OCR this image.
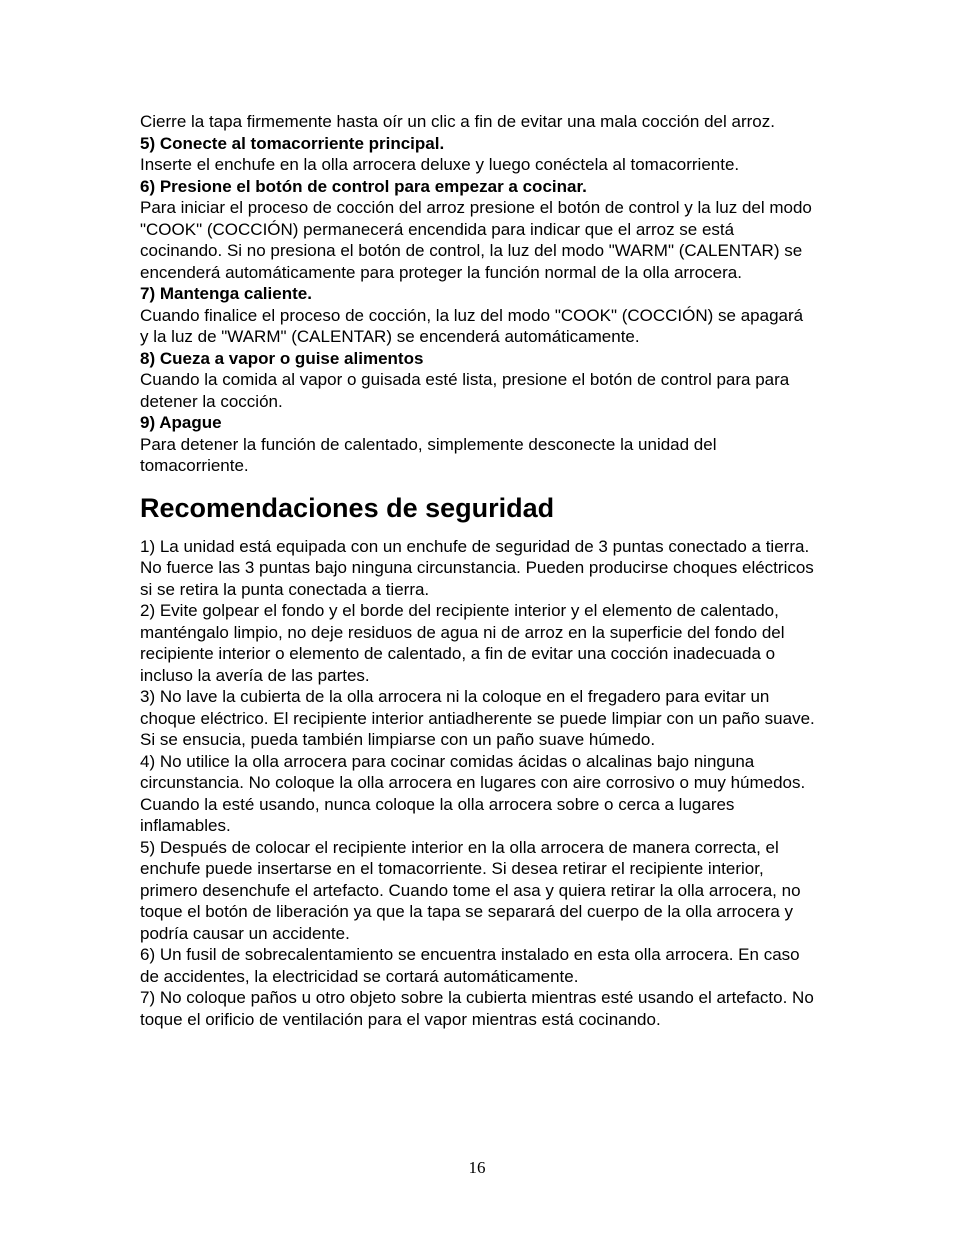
Cierre la tapa firmemente hasta oír un clic a fin de evitar una mala cocción del arroz.

5) Conecte al tomacorriente principal.

Inserte el enchufe en la olla arrocera deluxe y luego conéctela al tomacorriente.

6) Presione el botón de control para empezar a cocinar.

Para iniciar el proceso de cocción del arroz presione el botón de control y la luz del modo "COOK" (COCCIÓN) permanecerá encendida para indicar que el arroz se está cocinando. Si no presiona el botón de control, la luz del modo "WARM" (CALENTAR) se encenderá automáticamente para proteger la función normal de la olla arrocera.

7) Mantenga caliente.

Cuando finalice el proceso de cocción, la luz del modo "COOK" (COCCIÓN) se apagará y la luz de "WARM" (CALENTAR) se encenderá automáticamente.

8) Cueza a vapor o guise alimentos

Cuando la comida al vapor o guisada esté lista, presione el botón de control para para detener la cocción.

9) Apague

Para detener la función de calentado, simplemente desconecte la unidad del tomacorriente.

Recomendaciones de seguridad

1) La unidad está equipada con un enchufe de seguridad de 3 puntas conectado a tierra. No fuerce las 3 puntas bajo ninguna circunstancia. Pueden producirse choques eléctricos si se retira la punta conectada a tierra.

2) Evite golpear el fondo y el borde del recipiente interior y el elemento de calentado, manténgalo limpio, no deje residuos de agua ni de arroz en la superficie del fondo del recipiente interior o elemento de calentado, a fin de evitar una cocción inadecuada o incluso la avería de las partes.

3) No lave la cubierta de la olla arrocera ni la coloque en el fregadero para evitar un choque eléctrico. El recipiente interior antiadherente se puede limpiar con un paño suave. Si se ensucia, pueda también limpiarse con un paño suave húmedo.

4) No utilice la olla arrocera para cocinar comidas ácidas o alcalinas bajo ninguna circunstancia. No coloque la olla arrocera en lugares con aire corrosivo o muy húmedos. Cuando la esté usando, nunca coloque la olla arrocera sobre o cerca a lugares inflamables.

5) Después de colocar el recipiente interior en la olla arrocera de manera correcta, el enchufe puede insertarse en el tomacorriente. Si desea retirar el recipiente interior, primero desenchufe el artefacto. Cuando tome el asa y quiera retirar la olla arrocera, no toque el botón de liberación ya que la tapa se separará del cuerpo de la olla arrocera y podría causar un accidente.

6) Un fusil de sobrecalentamiento se encuentra instalado en esta olla arrocera. En caso de accidentes, la electricidad se cortará automáticamente.

7) No coloque paños u otro objeto sobre la cubierta mientras esté usando el artefacto. No toque el orificio de ventilación para el vapor mientras está cocinando.

16
